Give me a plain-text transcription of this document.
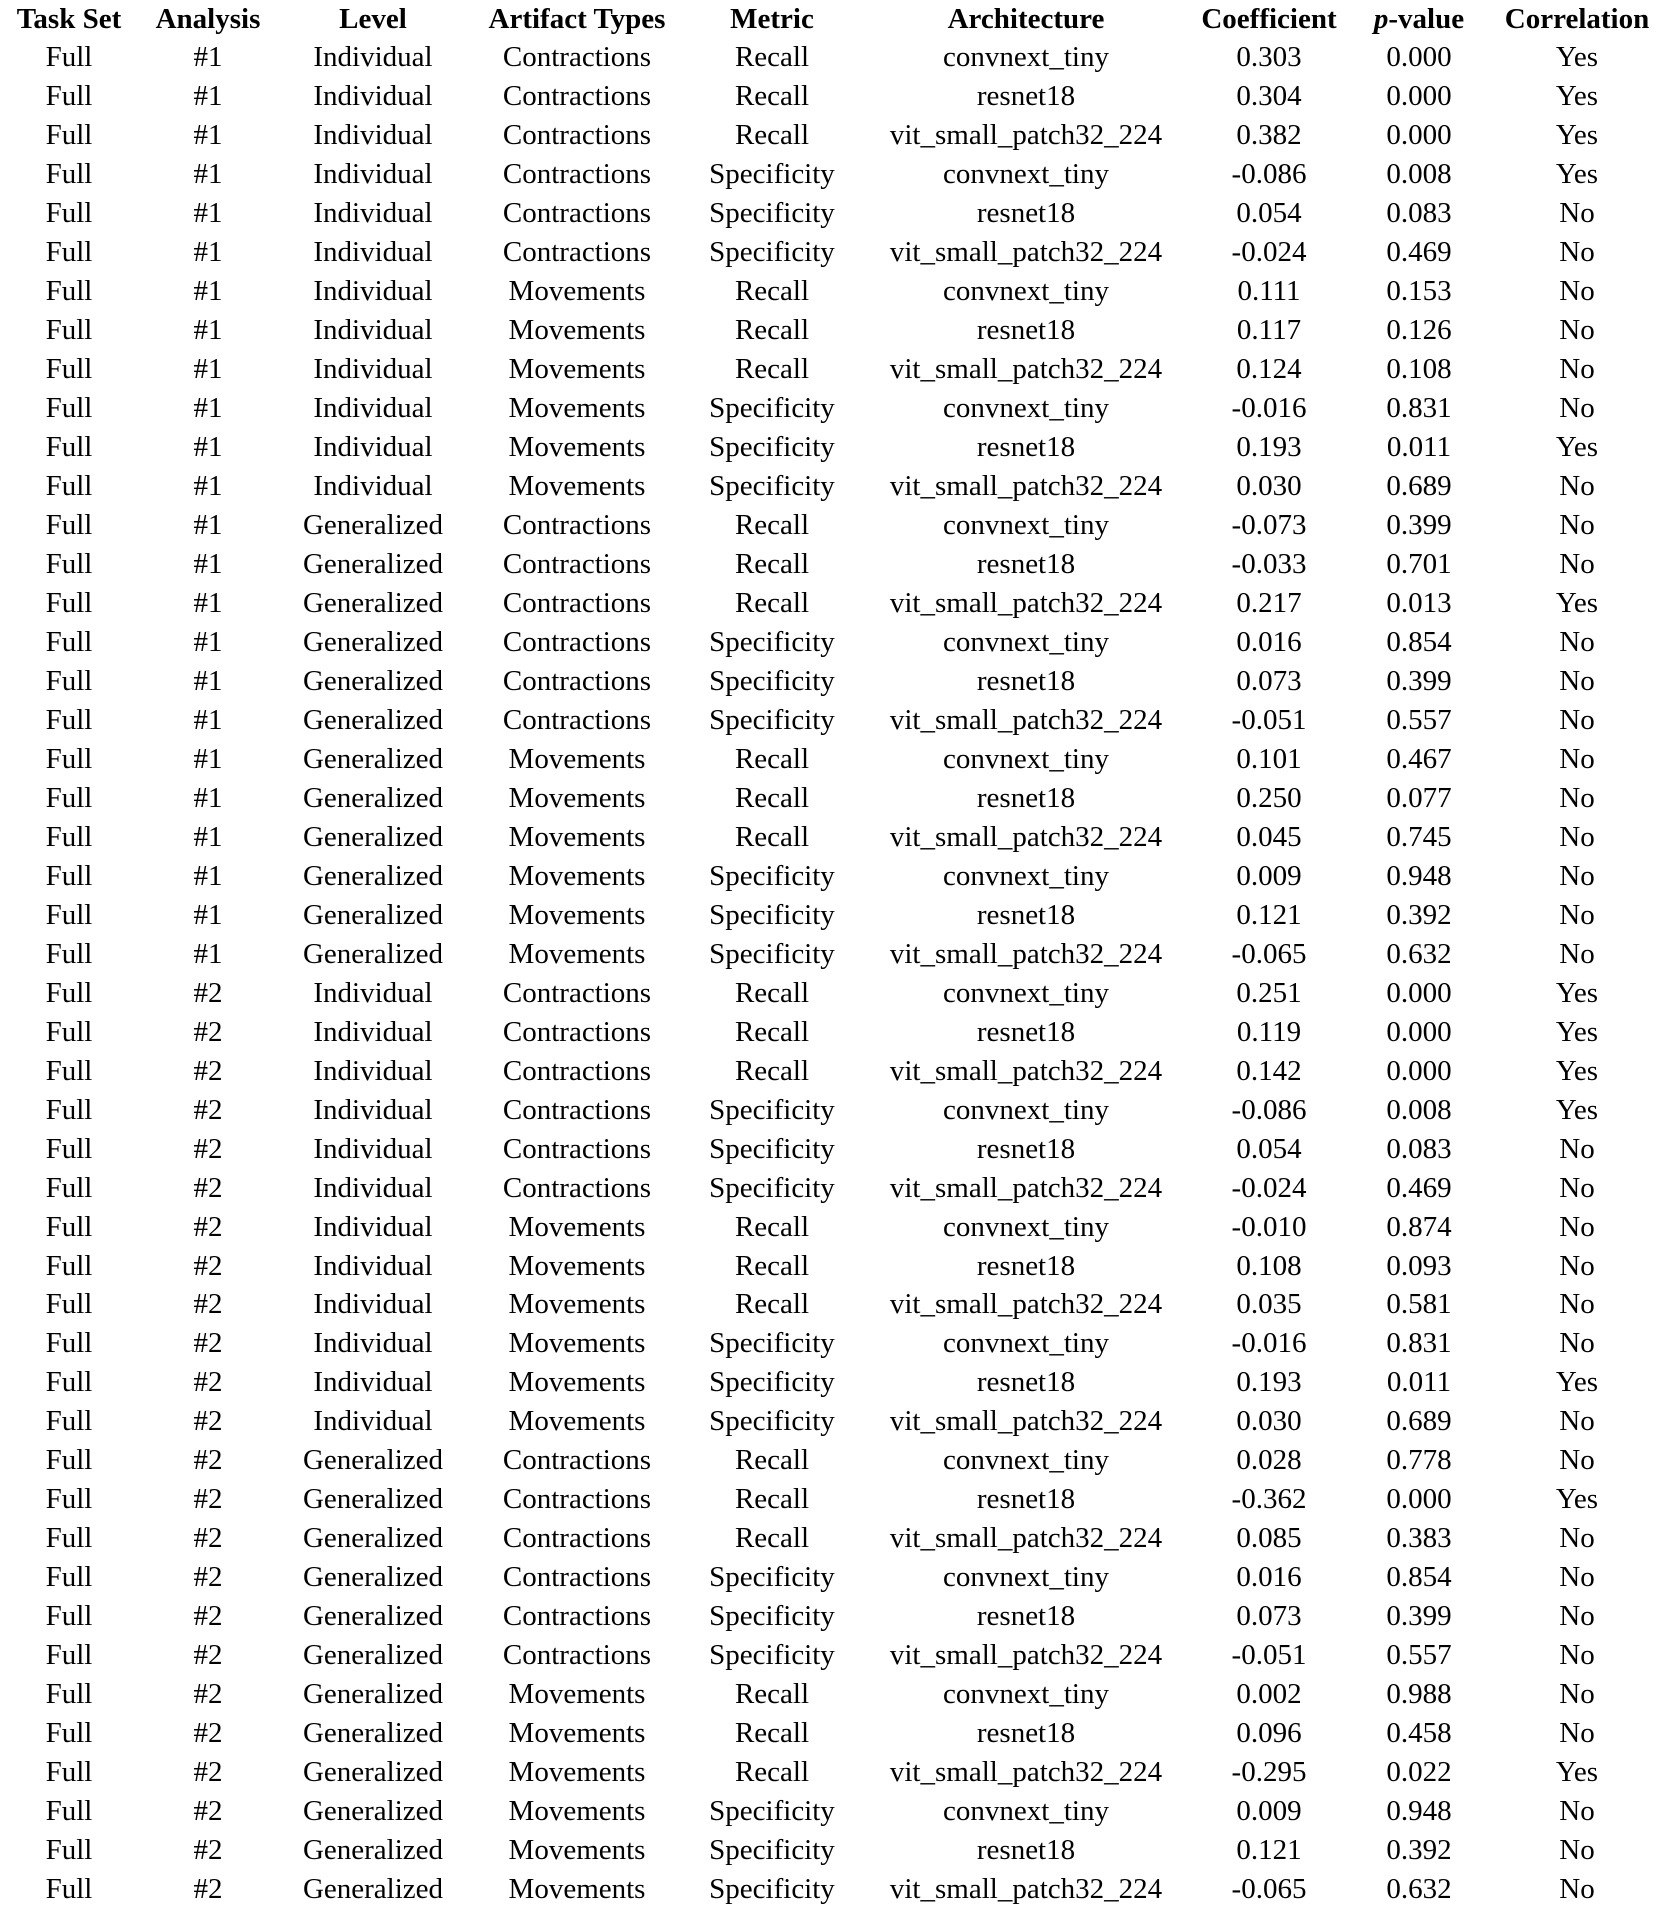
Task Set	Analysis	Level	Artifact Types	Metric	Architecture	Coefficient	p-value	Correlation
Full	#1	Individual	Contractions	Recall	convnext_tiny	0.303	0.000	Yes
Full	#1	Individual	Contractions	Recall	resnet18	0.304	0.000	Yes
Full	#1	Individual	Contractions	Recall	vit_small_patch32_224	0.382	0.000	Yes
Full	#1	Individual	Contractions	Specificity	convnext_tiny	-0.086	0.008	Yes
Full	#1	Individual	Contractions	Specificity	resnet18	0.054	0.083	No
Full	#1	Individual	Contractions	Specificity	vit_small_patch32_224	-0.024	0.469	No
Full	#1	Individual	Movements	Recall	convnext_tiny	0.111	0.153	No
Full	#1	Individual	Movements	Recall	resnet18	0.117	0.126	No
Full	#1	Individual	Movements	Recall	vit_small_patch32_224	0.124	0.108	No
Full	#1	Individual	Movements	Specificity	convnext_tiny	-0.016	0.831	No
Full	#1	Individual	Movements	Specificity	resnet18	0.193	0.011	Yes
Full	#1	Individual	Movements	Specificity	vit_small_patch32_224	0.030	0.689	No
Full	#1	Generalized	Contractions	Recall	convnext_tiny	-0.073	0.399	No
Full	#1	Generalized	Contractions	Recall	resnet18	-0.033	0.701	No
Full	#1	Generalized	Contractions	Recall	vit_small_patch32_224	0.217	0.013	Yes
Full	#1	Generalized	Contractions	Specificity	convnext_tiny	0.016	0.854	No
Full	#1	Generalized	Contractions	Specificity	resnet18	0.073	0.399	No
Full	#1	Generalized	Contractions	Specificity	vit_small_patch32_224	-0.051	0.557	No
Full	#1	Generalized	Movements	Recall	convnext_tiny	0.101	0.467	No
Full	#1	Generalized	Movements	Recall	resnet18	0.250	0.077	No
Full	#1	Generalized	Movements	Recall	vit_small_patch32_224	0.045	0.745	No
Full	#1	Generalized	Movements	Specificity	convnext_tiny	0.009	0.948	No
Full	#1	Generalized	Movements	Specificity	resnet18	0.121	0.392	No
Full	#1	Generalized	Movements	Specificity	vit_small_patch32_224	-0.065	0.632	No
Full	#2	Individual	Contractions	Recall	convnext_tiny	0.251	0.000	Yes
Full	#2	Individual	Contractions	Recall	resnet18	0.119	0.000	Yes
Full	#2	Individual	Contractions	Recall	vit_small_patch32_224	0.142	0.000	Yes
Full	#2	Individual	Contractions	Specificity	convnext_tiny	-0.086	0.008	Yes
Full	#2	Individual	Contractions	Specificity	resnet18	0.054	0.083	No
Full	#2	Individual	Contractions	Specificity	vit_small_patch32_224	-0.024	0.469	No
Full	#2	Individual	Movements	Recall	convnext_tiny	-0.010	0.874	No
Full	#2	Individual	Movements	Recall	resnet18	0.108	0.093	No
Full	#2	Individual	Movements	Recall	vit_small_patch32_224	0.035	0.581	No
Full	#2	Individual	Movements	Specificity	convnext_tiny	-0.016	0.831	No
Full	#2	Individual	Movements	Specificity	resnet18	0.193	0.011	Yes
Full	#2	Individual	Movements	Specificity	vit_small_patch32_224	0.030	0.689	No
Full	#2	Generalized	Contractions	Recall	convnext_tiny	0.028	0.778	No
Full	#2	Generalized	Contractions	Recall	resnet18	-0.362	0.000	Yes
Full	#2	Generalized	Contractions	Recall	vit_small_patch32_224	0.085	0.383	No
Full	#2	Generalized	Contractions	Specificity	convnext_tiny	0.016	0.854	No
Full	#2	Generalized	Contractions	Specificity	resnet18	0.073	0.399	No
Full	#2	Generalized	Contractions	Specificity	vit_small_patch32_224	-0.051	0.557	No
Full	#2	Generalized	Movements	Recall	convnext_tiny	0.002	0.988	No
Full	#2	Generalized	Movements	Recall	resnet18	0.096	0.458	No
Full	#2	Generalized	Movements	Recall	vit_small_patch32_224	-0.295	0.022	Yes
Full	#2	Generalized	Movements	Specificity	convnext_tiny	0.009	0.948	No
Full	#2	Generalized	Movements	Specificity	resnet18	0.121	0.392	No
Full	#2	Generalized	Movements	Specificity	vit_small_patch32_224	-0.065	0.632	No
